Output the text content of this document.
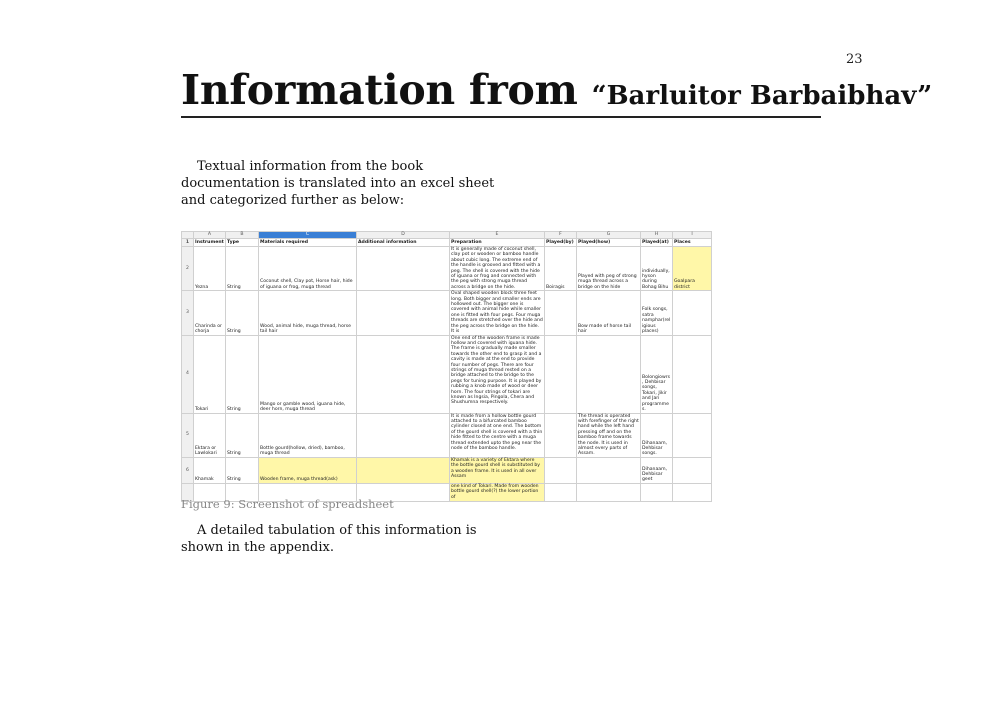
23
Information from “Barluitor Barbaibhav”
Textual information from the book documentation is translated into an excel sheet and categorized further as below:
	A	B	C	D	E	F	G	H	I
1	Instrument	Type	Materials required	Additional information	Preparation	Played(by)	Played(how)	Played(at)	Places
2	Yezna	String	Coconut shell, Clay pot, Horse hair, hide of iguana or frog, muga thread		It is generally made of coconut shell, clay pot or wooden or bamboo handle about cubic long. The extreme end of the handle is grooved and fitted with a peg. The shell is covered with the hide of iguana or frog and connected with the peg with strong muga thread across a bridge on the hide.	Boiragis	Played with peg of strong muga thread across a bridge on the hide	individually, hyson during Bohag Bihu	Goalpara district
3	Charinda or chorja	String	Wood, animal hide, muga thread, horse tail hair		Oval shaped wooden block three feet long. Both bigger and smaller ends are hollowed out. The bigger one is covered with animal hide while smaller one is fitted with four pegs. Four muga threads are stretched over the hide and the peg across the bridge on the hide. It is		Bow made of horse tail hair	Folk songs, satra namphar(religious places)	
4	Tokari	String	Mango or gamble wood, iguana hide, deer horn, muga thread		One end of the wooden frame is made hollow and covered with iguana hide. The frame is gradually made smaller towards the other end to grasp it and a cavity is made at the end to provide four number of pegs. There are four strings of muga thread rested on a bridge attached to the bridge to the pegs for tuning purpose. It is played by rubbing a knob made of wood or deer horn. The four strings of tokari are known as Ingsia, Pingola, Chera and Shushumna respectively.			Bolongiowrs, Dehbisar songs, Tokari, Jikir and Jari programmes.	
5	Ektara or Lawlokari	String	Bottle gourd(hollow, dried), bamboo, muga thread		It is made from a hollow bottle gourd attached to a bifurcated bamboo cylinder closed at one end. The bottom of the gourd shell is covered with a thin hide fitted to the centre with a muga thread extended upto the peg near the node of the bamboo handle.		The thread is operated with forefinger of the right hand while the left hand pressing off and on the bamboo frame towards the node. It is used in almost every parts of Assam.	Dihanaam, Dehbisar songs.	
6	Khamak	String	Wooden frame, muga thread(ask)		Khamak is a variety of Ektara where the bottle gourd shell is substituted by a wooden frame. It is used in all over Assam			Dihanaam, Dehbisar geet	
					one kind of Tokari. Made from wooden bottle gourd shell(?) the lower portion of				
Figure 9: Screenshot of spreadsheet
A detailed tabulation of this information is shown in the appendix.
